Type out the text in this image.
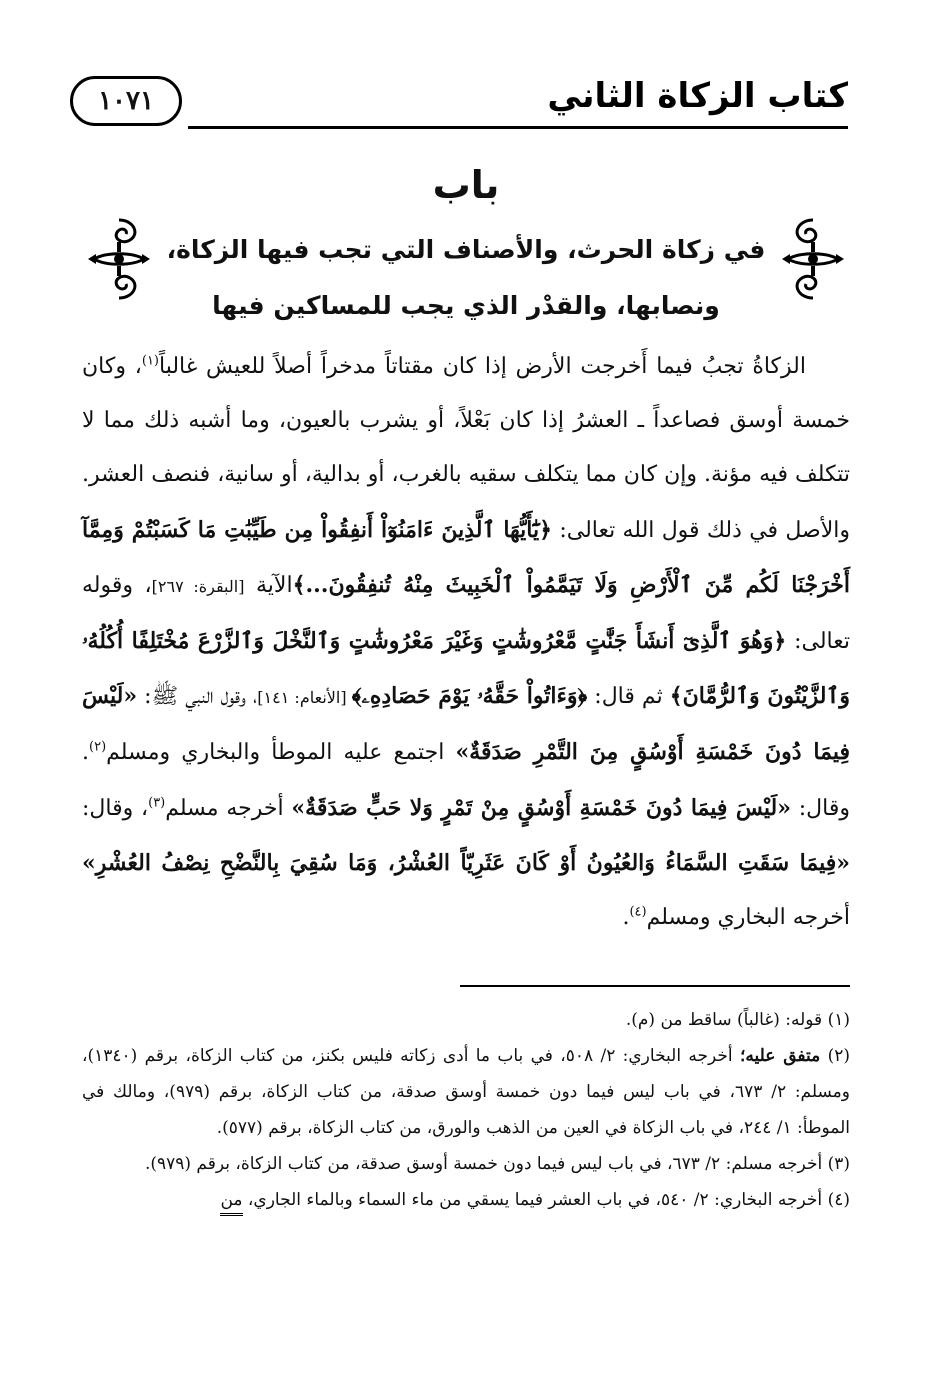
كتاب الزكاة الثاني
١٠٧١
باب
في زكاة الحرث، والأصناف التي تجب فيها الزكاة،
ونصابها، والقدْر الذي يجب للمساكين فيها

الزكاةُ تجبُ فيما أَخرجت الأرض إذا كان مقتاتاً مدخراً أصلاً للعيش غالباً$^{(١)}$، وكان خمسة أوسق فصاعداً ـ العشرُ إذا كان بَعْلاً، أو يشرب بالعيون، وما أشبه ذلك مما لا تتكلف فيه مؤنة. وإن كان مما يتكلف سقيه بالغرب، أو بدالية، أو سانية، فنصف العشر. والأصل في ذلك قول الله تعالى: ﴿يَٰٓأَيُّهَا ٱلَّذِينَ ءَامَنُوٓاْ أَنفِقُواْ مِن طَيِّبَٰتِ مَا كَسَبْتُمْ وَمِمَّآ أَخْرَجْنَا لَكُم مِّنَ ٱلْأَرْضِ وَلَا تَيَمَّمُواْ ٱلْخَبِيثَ مِنْهُ تُنفِقُونَ...﴾الآية [البقرة: ٢٦٧]، وقوله تعالى: ﴿وَهُوَ ٱلَّذِىٓ أَنشَأَ جَنَّٰتٍ مَّعْرُوشَٰتٍ وَغَيْرَ مَعْرُوشَٰتٍ وَٱلنَّخْلَ وَٱلزَّرْعَ مُخْتَلِفًا أُكُلُهُۥ وَٱلزَّيْتُونَ وَٱلرُّمَّانَ﴾ ثم قال: ﴿وَءَاتُواْ حَقَّهُۥ يَوْمَ حَصَادِهِۦ﴾ [الأنعام: ١٤١]، وقول النبي ﷺ: «لَيْسَ فِيمَا دُونَ خَمْسَةِ أَوْسُقٍ مِنَ التَّمْرِ صَدَقَةٌ» اجتمع عليه الموطأ والبخاري ومسلم$^{(٢)}$. وقال: «لَيْسَ فِيمَا دُونَ خَمْسَةِ أَوْسُقٍ مِنْ تَمْرٍ وَلا حَبٍّ صَدَقَةٌ» أخرجه مسلم$^{(٣)}$، وقال: «فِيمَا سَقَتِ السَّمَاءُ وَالعُيُونُ أَوْ كَانَ عَثَرِيّاً العُشْرُ، وَمَا سُقِيَ بِالنَّضْحِ نِصْفُ العُشْرِ» أخرجه البخاري ومسلم$^{(٤)}$.

(١) قوله: (غالباً) ساقط من (م).

(٢) متفق عليه؛ أخرجه البخاري: ٢/ ٥٠٨، في باب ما أدى زكاته فليس بكنز، من كتاب الزكاة، برقم (١٣٤٠)، ومسلم: ٢/ ٦٧٣، في باب ليس فيما دون خمسة أوسق صدقة، من كتاب الزكاة، برقم (٩٧٩)، ومالك في الموطأ: ١/ ٢٤٤، في باب الزكاة في العين من الذهب والورق، من كتاب الزكاة، برقم (٥٧٧).

(٣) أخرجه مسلم: ٢/ ٦٧٣، في باب ليس فيما دون خمسة أوسق صدقة، من كتاب الزكاة، برقم (٩٧٩).

(٤) أخرجه البخاري: ٢/ ٥٤٠، في باب العشر فيما يسقي من ماء السماء وبالماء الجاري، من
